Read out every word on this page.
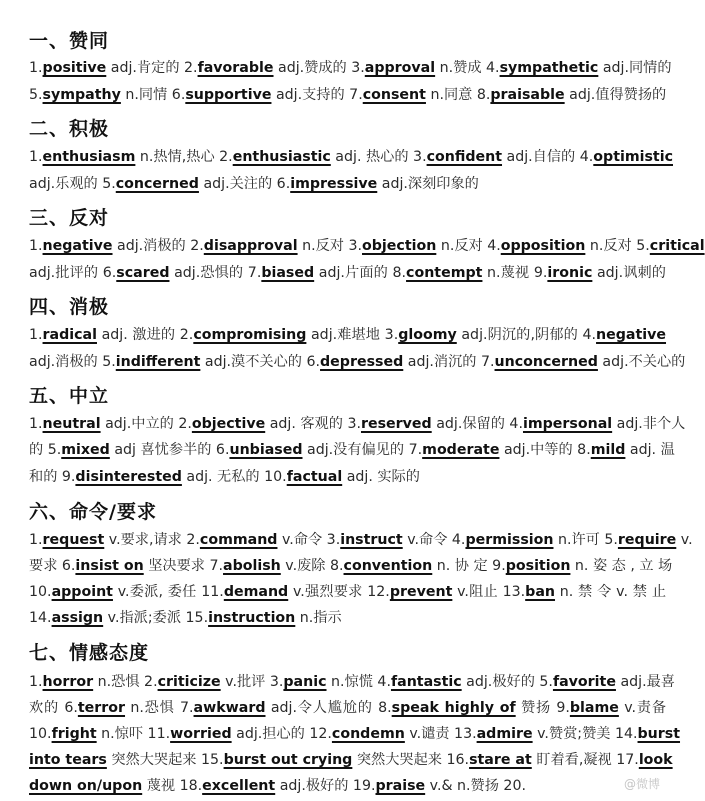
一、赞同
1.positive adj.肯定的 2.favorable adj.赞成的 3.approval n.赞成 4.sympathetic adj.同情的
5.sympathy n.同情 6.supportive adj.支持的 7.consent n.同意 8.praisable adj.值得赞扬的
二、积极
1.enthusiasm n.热情,热心 2.enthusiastic adj. 热心的 3.confident adj.自信的 4.optimistic
adj.乐观的 5.concerned adj.关注的 6.impressive adj.深刻印象的
三、反对
1.negative adj.消极的 2.disapproval n.反对 3.objection n.反对 4.opposition n.反对 5.critical
adj.批评的 6.scared adj.恐惧的 7.biased adj.片面的 8.contempt n.蔑视 9.ironic adj.讽刺的
四、消极
1.radical adj. 激进的 2.compromising adj.难堪地 3.gloomy adj.阴沉的,阴郁的 4.negative
adj.消极的 5.indifferent adj.漠不关心的 6.depressed adj.消沉的 7.unconcerned adj.不关心的
五、中立
1.neutral adj.中立的 2.objective adj. 客观的 3.reserved adj.保留的 4.impersonal adj.非个人
的 5.mixed adj 喜忧参半的 6.unbiased adj.没有偏见的 7.moderate adj.中等的 8.mild adj. 温
和的 9.disinterested adj. 无私的 10.factual adj. 实际的
六、命令/要求
1.request v.要求,请求 2.command v.命令 3.instruct v.命令 4.permission n.许可 5.require v.
要求 6.insist on 坚决要求 7.abolish v.废除 8.convention n. 协 定 9.position n. 姿 态 , 立 场
10.appoint v.委派, 委任 11.demand v.强烈要求 12.prevent v.阻止 13.ban n. 禁 令 v. 禁 止
14.assign v.指派;委派 15.instruction n.指示
七、情感态度
1.horror n.恐惧 2.criticize v.批评 3.panic n.惊慌 4.fantastic adj.极好的 5.favorite adj.最喜
欢的 6.terror n.恐惧 7.awkward adj.令人尴尬的 8.speak highly of 赞扬 9.blame v.责备
10.fright n.惊吓 11.worried adj.担心的 12.condemn v.谴责 13.admire v.赞赏;赞美 14.burst
into tears 突然大哭起来 15.burst out crying 突然大哭起来 16.stare at 盯着看,凝视 17.look
down on/upon 蔑视 18.excellent adj.极好的 19.praise v.& n.赞扬 20.	@微博
